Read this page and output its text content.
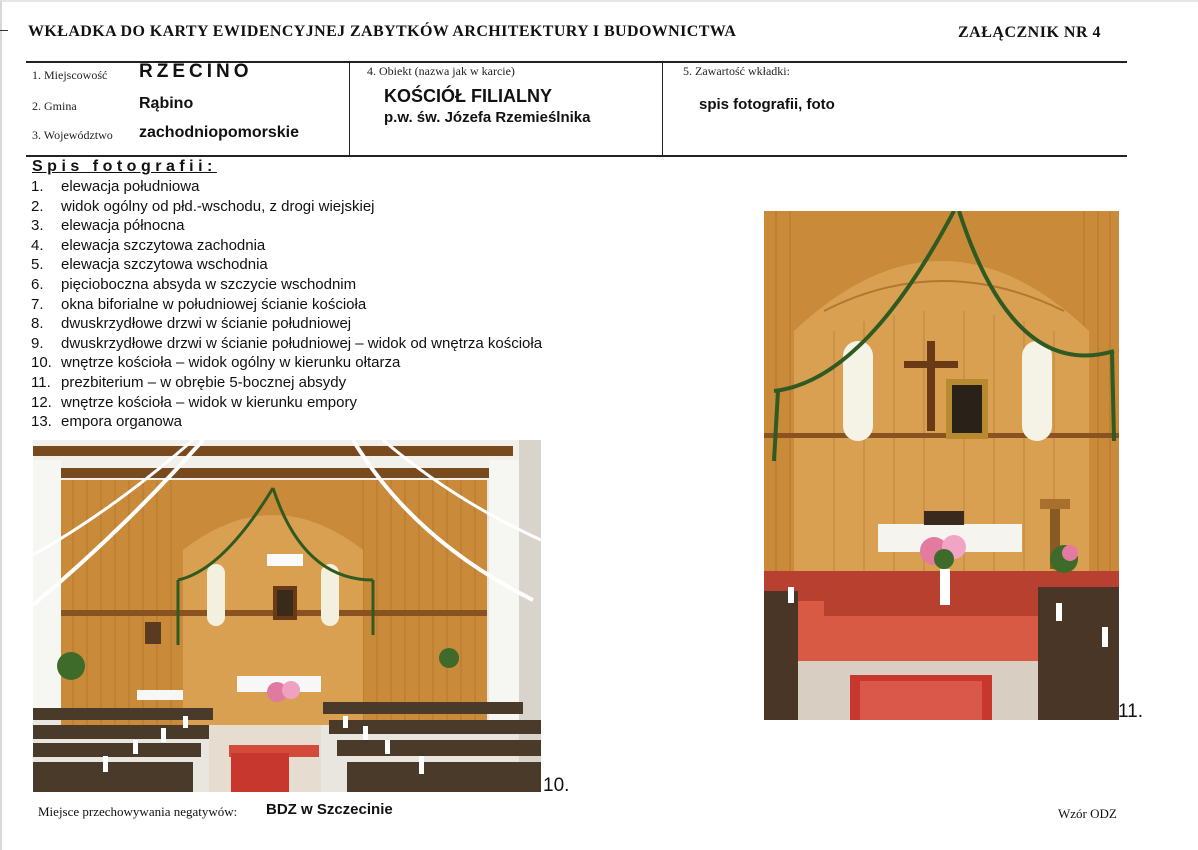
WKŁADKA DO KARTY EWIDENCYJNEJ ZABYTKÓW ARCHITEKTURY I BUDOWNICTWA	ZAŁĄCZNIK NR 4
1. Miejscowość RZECINO
2. Gmina	Rąbino
3. Województwo zachodniopomorskie
4. Obiekt (nazwa jak w karcie)
KOŚCIÓŁ FILIALNY
p.w. św. Józefa Rzemieślnika
5. Zawartość wkładki:
spis fotografii, foto
Spis fotografii:
1.	elewacja południowa
2.	widok ogólny od płd.-wschodu, z drogi wiejskiej
3.	elewacja północna
4.	elewacja szczytowa zachodnia
5.	elewacja szczytowa wschodnia
6.	pięcioboczna absyda w szczycie wschodnim
7.	okna biforialne w południowej ścianie kościoła
8.	dwuskrzydłowe drzwi w ścianie południowej
9.	dwuskrzydłowe drzwi w ścianie południowej – widok od wnętrza kościoła
10. wnętrze kościoła – widok ogólny w kierunku ołtarza
11. prezbiterium – w obrębie 5-bocznej absydy
12. wnętrze kościoła – widok w kierunku empory
13. empora organowa
10.
11.
Miejsce przechowywania negatywów: BDZ w Szczecinie	Wzór ODZ
